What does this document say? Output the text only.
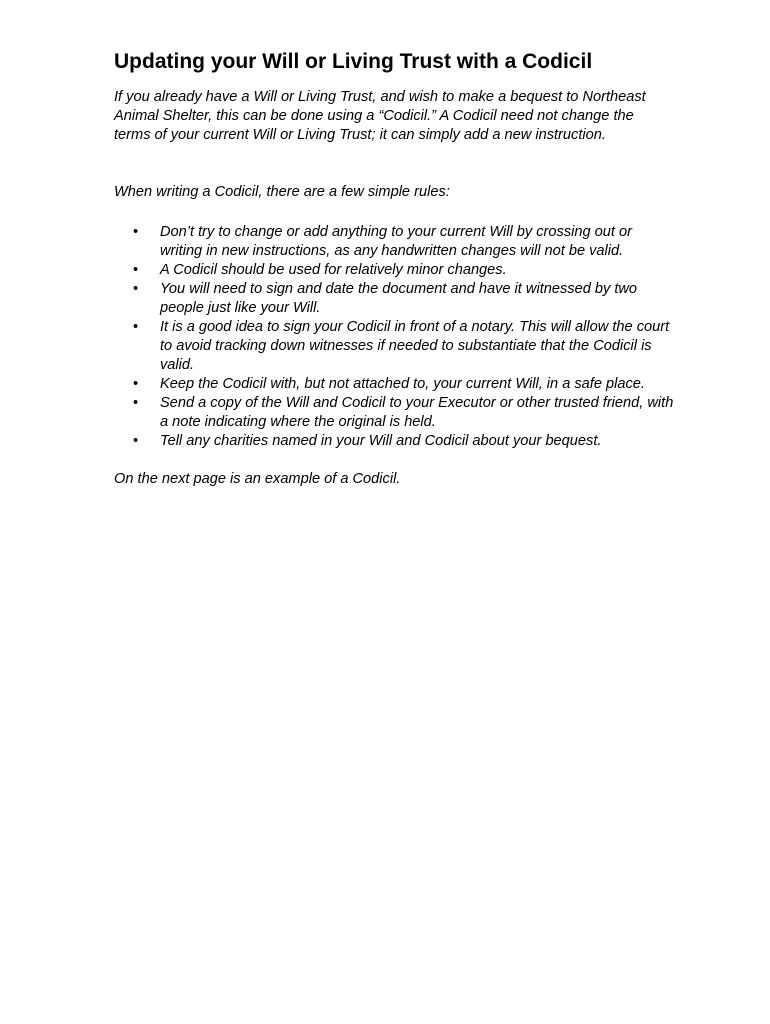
Updating your Will or Living Trust with a Codicil

If you already have a Will or Living Trust, and wish to make a bequest to Northeast Animal Shelter, this can be done using a “Codicil.” A Codicil need not change the terms of your current Will or Living Trust; it can simply add a new instruction.

When writing a Codicil, there are a few simple rules:

• Don’t try to change or add anything to your current Will by crossing out or writing in new instructions, as any handwritten changes will not be valid.
• A Codicil should be used for relatively minor changes.
• You will need to sign and date the document and have it witnessed by two people just like your Will.
• It is a good idea to sign your Codicil in front of a notary. This will allow the court to avoid tracking down witnesses if needed to substantiate that the Codicil is valid.
• Keep the Codicil with, but not attached to, your current Will, in a safe place.
• Send a copy of the Will and Codicil to your Executor or other trusted friend, with a note indicating where the original is held.
• Tell any charities named in your Will and Codicil about your bequest.

On the next page is an example of a Codicil.
